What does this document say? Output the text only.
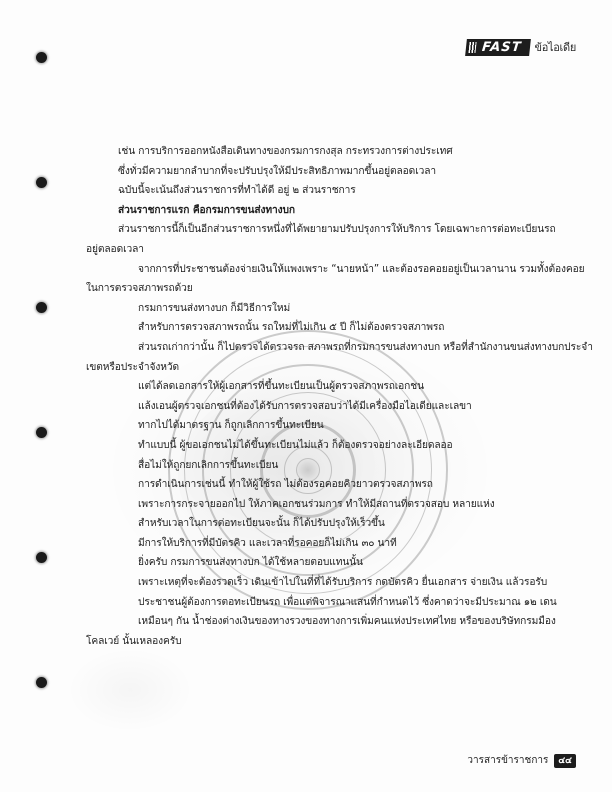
FAST	ข้อไอเดีย
เช่น การบริการออกหนังสือเดินทางของกรมการกงสุล กระทรวงการต่างประเทศ
ซึ่งทั่วมีความยากลำบากที่จะปรับปรุงให้มีประสิทธิภาพมากขึ้นอยู่ตลอดเวลา
ฉบับนี้จะเน้นถึงส่วนราชการที่ทำได้ดี อยู่ ๒ ส่วนราชการ
ส่วนราชการแรก คือกรมการขนส่งทางบก
ส่วนราชการนี้ก็เป็นอีกส่วนราชการหนึ่งที่ได้พยายามปรับปรุงการให้บริการ โดยเฉพาะการต่อทะเบียนรถ
อยู่ตลอดเวลา
จากการที่ประชาชนต้องจ่ายเงินให้แพงเพราะ “นายหน้า” และต้องรอคอยอยู่เป็นเวลานาน รวมทั้งต้องคอย
ในการตรวจสภาพรถด้วย
กรมการขนส่งทางบก ก็มีวิธีการใหม่
สำหรับการตรวจสภาพรถนั้น รถใหม่ที่ไม่เกิน ๕ ปี ก็ไม่ต้องตรวจสภาพรถ
ส่วนรถเก่ากว่านั้น ก็ไปตรวจได้ตรวจรถ สภาพรถที่กรมการขนส่งทางบก หรือที่สำนักงานขนส่งทางบกประจำ
เขตหรือประจำจังหวัด
แต่ได้ลดเอกสารให้ผู้เอกสารที่ขึ้นทะเบียนเป็นผู้ตรวจสภาพรถเอกชน
แล้งเอนผู้ตรวจเอกชนที่ต้องได้รับการตรวจสอบว่าได้มีเครื่องมือไอเดียและเลขา
ทากไปได้มาตรฐาน ก็ถูกเลิกการขึ้นทะเบียน
ทำแบบนี้ ผู้ขอเอกชนไม่ได้ขึ้นทะเบียนไม่แล้ว ก็ต้องตรวจอย่างละเอียดลออ
สื่อไม่ให้ถูกยกเลิกการขึ้นทะเบียน
การดำเนินการเช่นนี้ ทำให้ผู้ใช้รถ ไม่ต้องรอคอยคิวยาวตรวจสภาพรถ
เพราะการกระจายออกไป ให้ภาคเอกชนร่วมการ ทำให้มีสถานที่ตรวจสอบ หลายแห่ง
สำหรับเวลาในการต่อทะเบียนจะนั้น ก็ได้ปรับปรุงให้เร็วขึ้น
มีการให้บริการที่มีบัตรคิว และเวลาที่รอคอยก็ไม่เกิน ๓๐ นาที
ยิ่งครับ กรมการขนส่งทางบก ได้ใช้หลายตอบแทนนั้น
เพราะเหตุที่จะต้องรวดเร็ว เดินเข้าไปในที่ที่ได้รับบริการ กดบัตรคิว ยื่นเอกสาร จ่ายเงิน แล้วรอรับ
ประชาชนผู้ต้องการตอทะเบียนรถ เพื่อแต่พิจารณาแสนที่กำหนดไว้ ซึ่งคาดว่าจะมีประมาณ ๑๒ เดน
เหมือนๆ กัน น้ำช่องต่างเงินของทางรวงของทางการเพิ่มคนแห่งประเทศไทย หรือของบริษัทกรมมือง
โคลเวย์ นั้นเหลองครับ
วารสารข้าราชการ	๔๔
